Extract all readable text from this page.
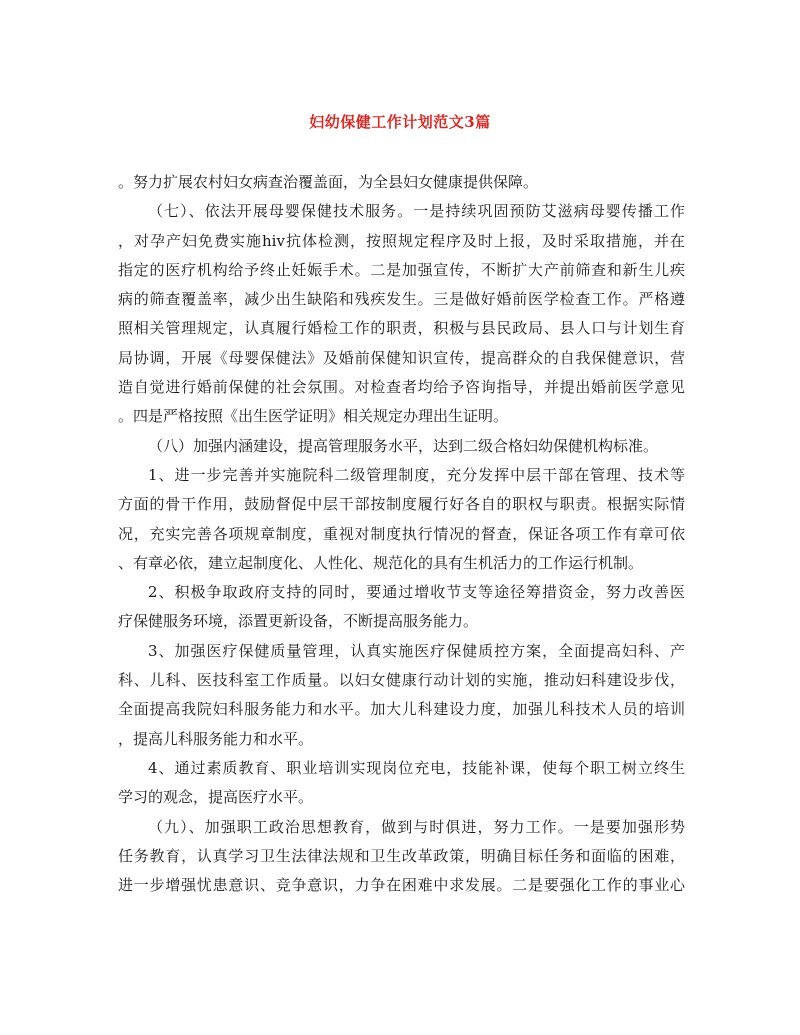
妇幼保健工作计划范文3篇
。努力扩展农村妇女病查治覆盖面，为全县妇女健康提供保障。
（七）、依法开展母婴保健技术服务。一是持续巩固预防艾滋病母婴传播工作
，对孕产妇免费实施hiv抗体检测，按照规定程序及时上报，及时采取措施，并在
指定的医疗机构给予终止妊娠手术。二是加强宣传，不断扩大产前筛查和新生儿疾
病的筛查覆盖率，减少出生缺陷和残疾发生。三是做好婚前医学检查工作。严格遵
照相关管理规定，认真履行婚检工作的职责，积极与县民政局、县人口与计划生育
局协调，开展《母婴保健法》及婚前保健知识宣传，提高群众的自我保健意识，营
造自觉进行婚前保健的社会氛围。对检查者均给予咨询指导，并提出婚前医学意见
。四是严格按照《出生医学证明》相关规定办理出生证明。
（八）加强内涵建设，提高管理服务水平，达到二级合格妇幼保健机构标准。
1、进一步完善并实施院科二级管理制度，充分发挥中层干部在管理、技术等
方面的骨干作用，鼓励督促中层干部按制度履行好各自的职权与职责。根据实际情
况，充实完善各项规章制度，重视对制度执行情况的督查，保证各项工作有章可依
、有章必依，建立起制度化、人性化、规范化的具有生机活力的工作运行机制。
2、积极争取政府支持的同时，要通过增收节支等途径筹措资金，努力改善医
疗保健服务环境，添置更新设备，不断提高服务能力。
3、加强医疗保健质量管理，认真实施医疗保健质控方案，全面提高妇科、产
科、儿科、医技科室工作质量。以妇女健康行动计划的实施，推动妇科建设步伐，
全面提高我院妇科服务能力和水平。加大儿科建设力度，加强儿科技术人员的培训
，提高儿科服务能力和水平。
4、通过素质教育、职业培训实现岗位充电，技能补课，使每个职工树立终生
学习的观念，提高医疗水平。
（九）、加强职工政治思想教育，做到与时俱进，努力工作。一是要加强形势
任务教育，认真学习卫生法律法规和卫生改革政策，明确目标任务和面临的困难，
进一步增强忧患意识、竞争意识，力争在困难中求发展。二是要强化工作的事业心
